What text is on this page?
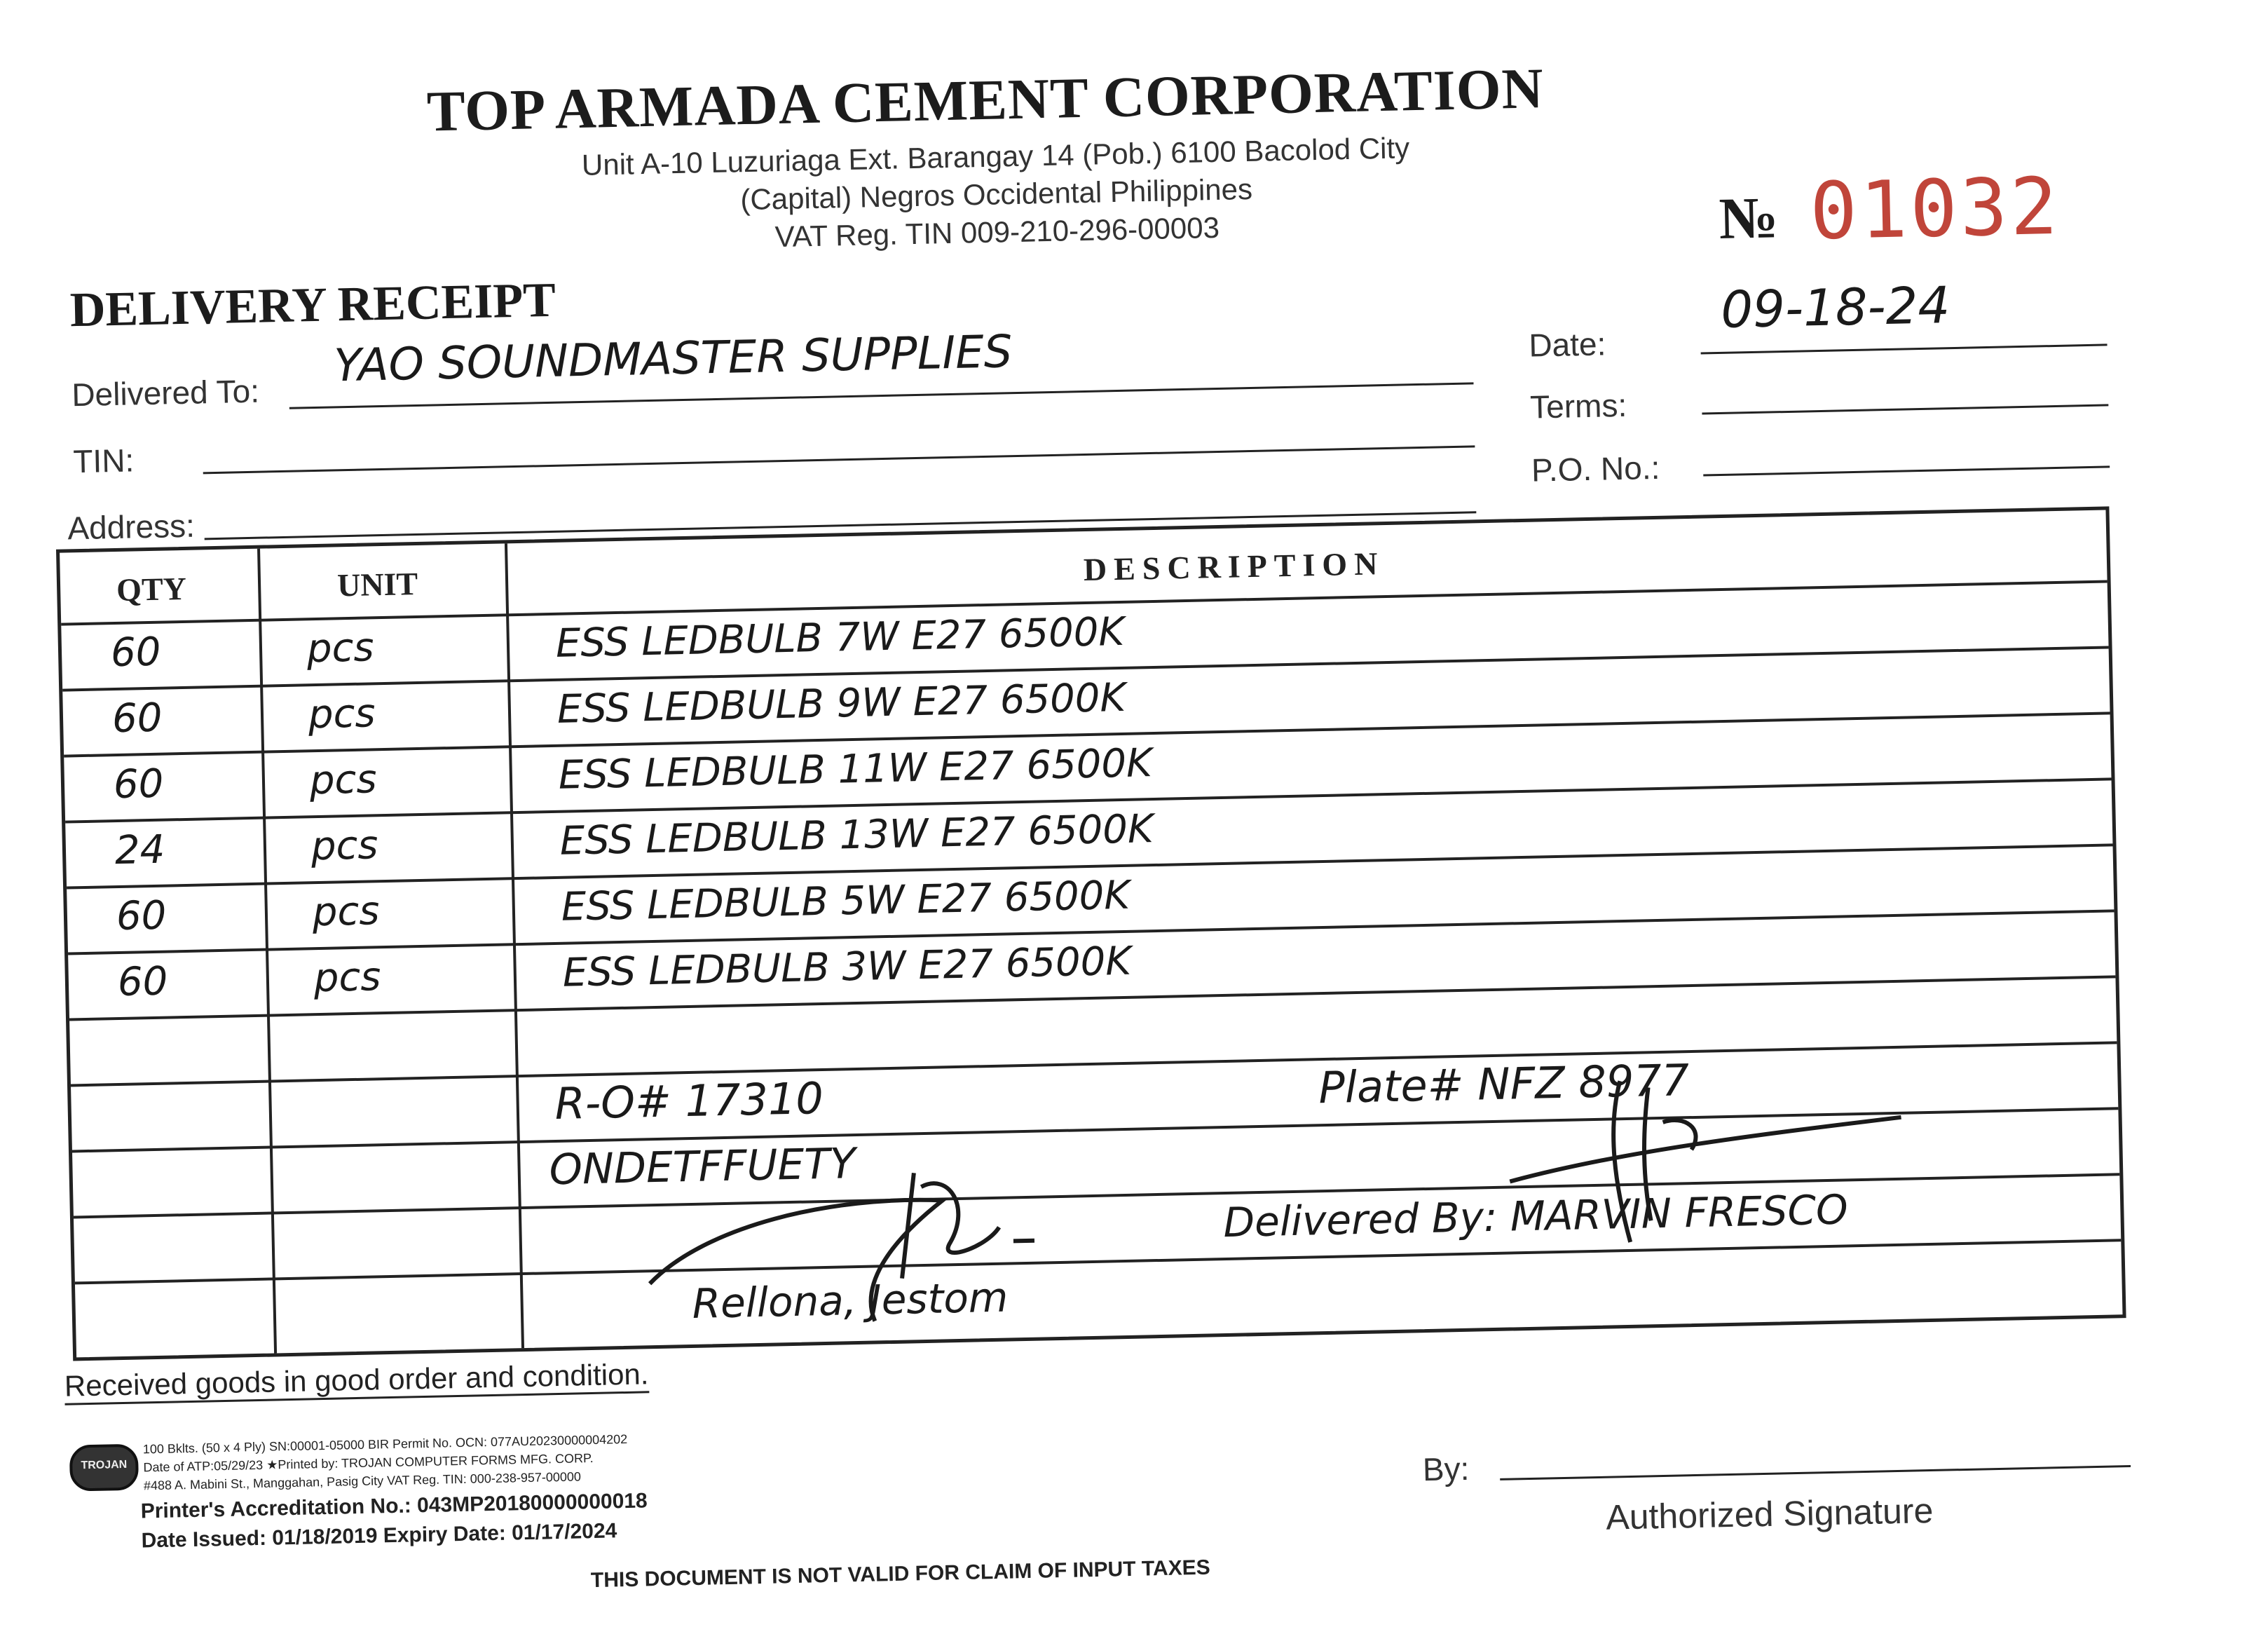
TOP ARMADA CEMENT CORPORATION
Unit A-10 Luzuriaga Ext. Barangay 14 (Pob.) 6100 Bacolod City
(Capital) Negros Occidental Philippines
VAT Reg. TIN 009-210-296-00003
DELIVERY RECEIPT
№ 01032
Delivered To:
YAO SOUNDMASTER SUPPLIES
TIN:
Address:
Date:
09-18-24
Terms:
P.O. No.:
QTY	UNIT	DESCRIPTION
60	pcs	ESS LEDBULB 7W E27 6500K
60	pcs	ESS LEDBULB 9W E27 6500K
60	pcs	ESS LEDBULB 11W E27 6500K
24	pcs	ESS LEDBULB 13W E27 6500K
60	pcs	ESS LEDBULB 5W E27 6500K
60	pcs	ESS LEDBULB 3W E27 6500K
R-O# 17310	Plate# NFZ 8977
ONDETFFUETY
Delivered By: MARVIN FRESCO
Rellona, Jestom
Received goods in good order and condition.
TROJAN
100 Bklts. (50 x 4 Ply) SN:00001-05000 BIR Permit No. OCN: 077AU20230000004202
Date of ATP:05/29/23 ★Printed by: TROJAN COMPUTER FORMS MFG. CORP.
#488 A. Mabini St., Manggahan, Pasig City VAT Reg. TIN: 000-238-957-00000
Printer's Accreditation No.: 043MP20180000000018
Date Issued: 01/18/2019 Expiry Date: 01/17/2024
THIS DOCUMENT IS NOT VALID FOR CLAIM OF INPUT TAXES
By:
Authorized Signature
